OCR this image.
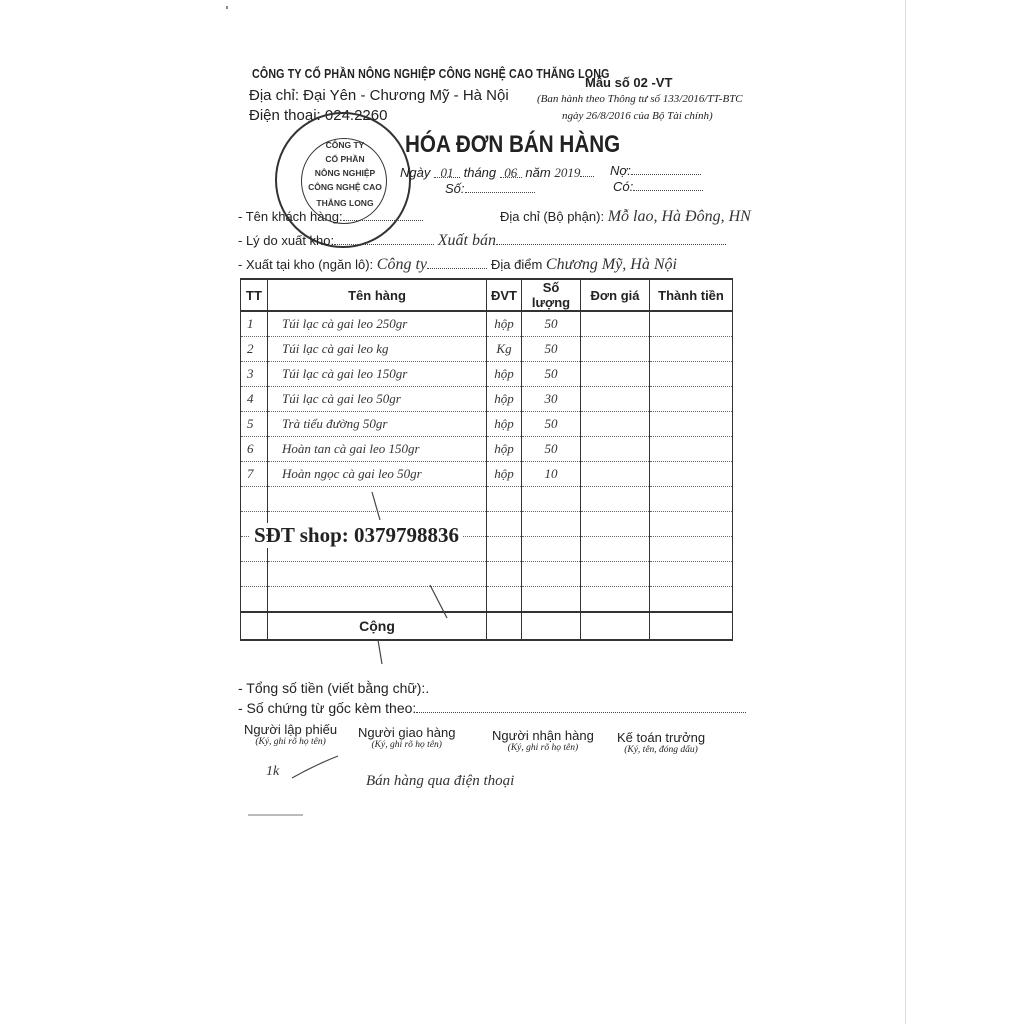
CÔNG TY CỔ PHẦN NÔNG NGHIỆP CÔNG NGHỆ CAO THĂNG LONG
Địa chỉ: Đại Yên - Chương Mỹ - Hà Nội
Điện thoại: 024.2260
Mẫu số 02 -VT
(Ban hành theo Thông tư số 133/2016/TT-BTC
ngày 26/8/2016 của Bộ Tài chính)
CÔNG TY
CỔ PHẦN
NÔNG NGHIỆP
CÔNG NGHỆ CAO
THĂNG LONG
HÓA ĐƠN BÁN HÀNG
Ngày 01 tháng 06 năm 2019	Nợ:
Số:	Có:
- Tên khách hàng:	Địa chỉ (Bộ phận): Mỗ lao, Hà Đông, HN
- Lý do xuất kho:	Xuất bán
- Xuất tại kho (ngăn lô): Công ty	Địa điểm Chương Mỹ, Hà Nội
TT	Tên hàng	ĐVT	Số lượng	Đơn giá	Thành tiền
1	Túi lạc cà gai leo 250gr	hộp	50		
2	Túi lạc cà gai leo kg	Kg	50		
3	Túi lạc cà gai leo 150gr	hộp	50		
4	Túi lạc cà gai leo 50gr	hộp	30		
5	Trà tiểu đường 50gr	hộp	50		
6	Hoàn tan cà gai leo 150gr	hộp	50		
7	Hoàn ngọc cà gai leo 50gr	hộp	10		

	Cộng				
SĐT shop: 0379798836
- Tổng số tiền (viết bằng chữ):.
- Số chứng từ gốc kèm theo:
Người lập phiếu
(Ký, ghi rõ họ tên)
Người giao hàng
(Ký, ghi rõ họ tên)
Người nhận hàng
(Ký, ghi rõ họ tên)
Kế toán trưởng
(Ký, tên, đóng dấu)
1k
Bán hàng qua điện thoại
